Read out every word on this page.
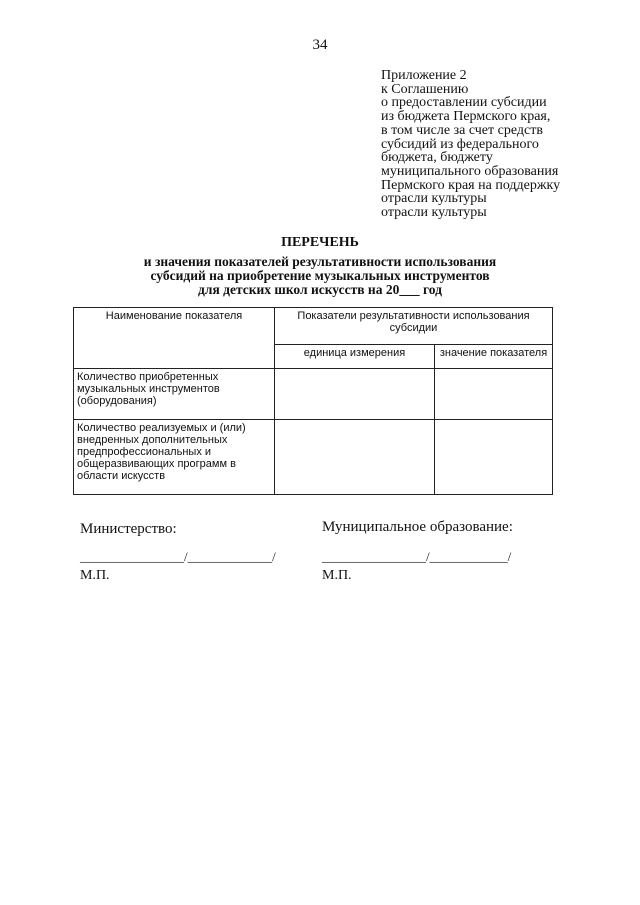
34
Приложение 2
к Соглашению
о предоставлении субсидии
из бюджета Пермского края,
в том числе за счет средств
субсидий из федерального
бюджета, бюджету
муниципального образования
Пермского края на поддержку
отрасли культуры
отрасли культуры
ПЕРЕЧЕНЬ
и значения показателей результативности использования
субсидий на приобретение музыкальных инструментов
для детских школ искусств на 20___ год
Наименование показателя	Показатели результативности использования субсидии	
	единица измерения	значение показателя
Количество приобретенных музыкальных инструментов (оборудования)		
Количество реализуемых и (или) внедренных дополнительных предпрофессиональных и общеразвивающих программ в области искусств		
Министерство:
________________/_____________/
М.П.
Муниципальное образование:
________________/____________/
М.П.
